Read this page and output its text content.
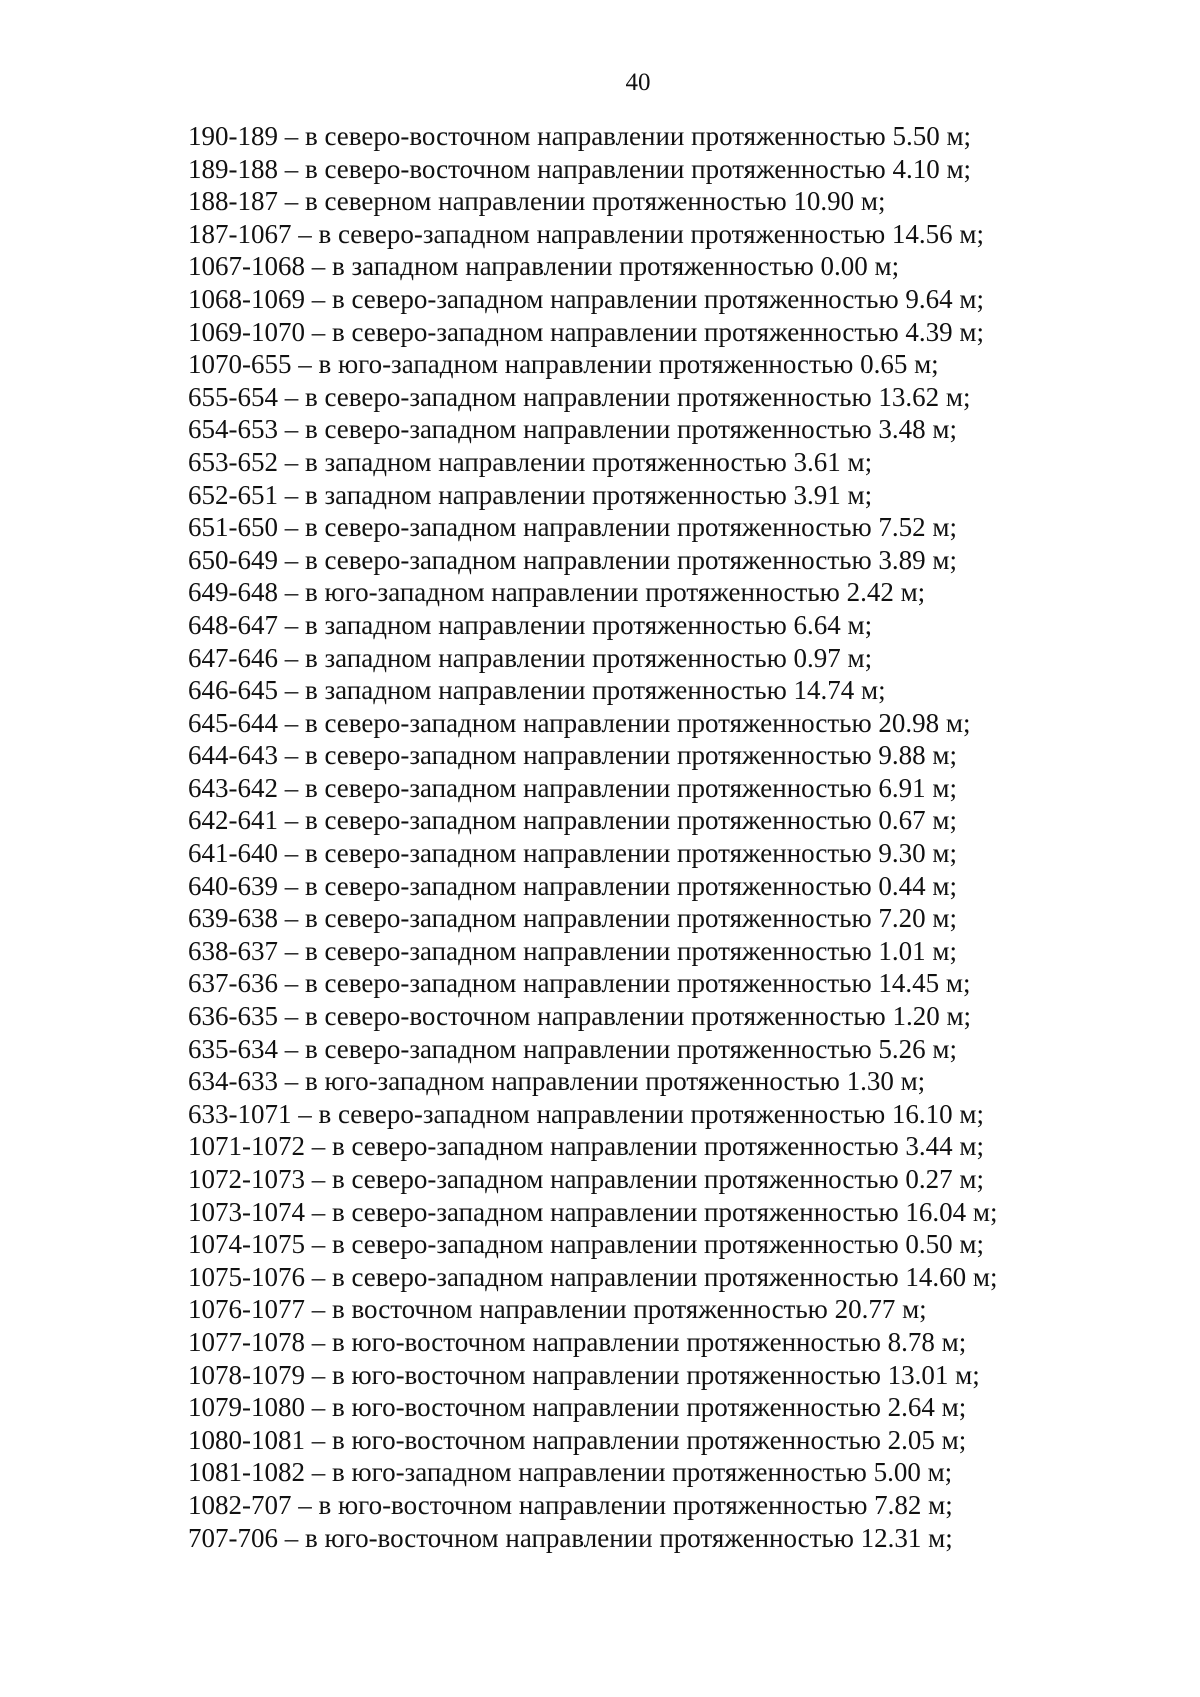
40
190-189 – в северо-восточном направлении протяженностью 5.50 м;
189-188 – в северо-восточном направлении протяженностью 4.10 м;
188-187 – в северном направлении протяженностью 10.90 м;
187-1067 – в северо-западном направлении протяженностью 14.56 м;
1067-1068 – в западном направлении протяженностью 0.00 м;
1068-1069 – в северо-западном направлении протяженностью 9.64 м;
1069-1070 – в северо-западном направлении протяженностью 4.39 м;
1070-655 – в юго-западном направлении протяженностью 0.65 м;
655-654 – в северо-западном направлении протяженностью 13.62 м;
654-653 – в северо-западном направлении протяженностью 3.48 м;
653-652 – в западном направлении протяженностью 3.61 м;
652-651 – в западном направлении протяженностью 3.91 м;
651-650 – в северо-западном направлении протяженностью 7.52 м;
650-649 – в северо-западном направлении протяженностью 3.89 м;
649-648 – в юго-западном направлении протяженностью 2.42 м;
648-647 – в западном направлении протяженностью 6.64 м;
647-646 – в западном направлении протяженностью 0.97 м;
646-645 – в западном направлении протяженностью 14.74 м;
645-644 – в северо-западном направлении протяженностью 20.98 м;
644-643 – в северо-западном направлении протяженностью 9.88 м;
643-642 – в северо-западном направлении протяженностью 6.91 м;
642-641 – в северо-западном направлении протяженностью 0.67 м;
641-640 – в северо-западном направлении протяженностью 9.30 м;
640-639 – в северо-западном направлении протяженностью 0.44 м;
639-638 – в северо-западном направлении протяженностью 7.20 м;
638-637 – в северо-западном направлении протяженностью 1.01 м;
637-636 – в северо-западном направлении протяженностью 14.45 м;
636-635 – в северо-восточном направлении протяженностью 1.20 м;
635-634 – в северо-западном направлении протяженностью 5.26 м;
634-633 – в юго-западном направлении протяженностью 1.30 м;
633-1071 – в северо-западном направлении протяженностью 16.10 м;
1071-1072 – в северо-западном направлении протяженностью 3.44 м;
1072-1073 – в северо-западном направлении протяженностью 0.27 м;
1073-1074 – в северо-западном направлении протяженностью 16.04 м;
1074-1075 – в северо-западном направлении протяженностью 0.50 м;
1075-1076 – в северо-западном направлении протяженностью 14.60 м;
1076-1077 – в восточном направлении протяженностью 20.77 м;
1077-1078 – в юго-восточном направлении протяженностью 8.78 м;
1078-1079 – в юго-восточном направлении протяженностью 13.01 м;
1079-1080 – в юго-восточном направлении протяженностью 2.64 м;
1080-1081 – в юго-восточном направлении протяженностью 2.05 м;
1081-1082 – в юго-западном направлении протяженностью 5.00 м;
1082-707 – в юго-восточном направлении протяженностью 7.82 м;
707-706 – в юго-восточном направлении протяженностью 12.31 м;
